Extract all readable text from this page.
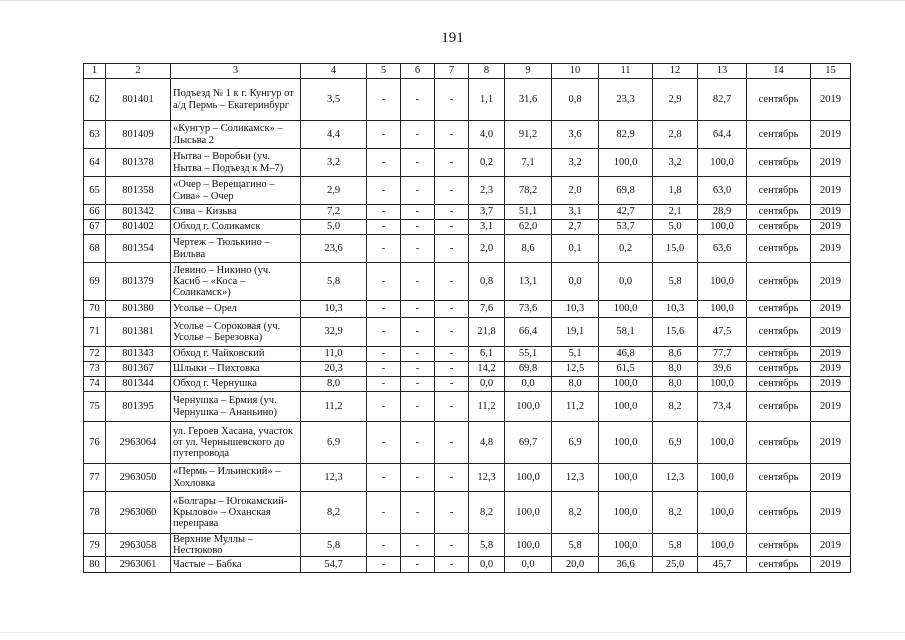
191
1	2	3	4	5	6	7	8	9	10	11	12	13	14	15
62	801401	Подъезд № 1 к г. Кунгур от а/д Пермь – Екатеринбург	3,5	-	-	-	1,1	31,6	0,8	23,3	2,9	82,7	сентябрь	2019
63	801409	«Кунгур – Соликамск» – Лысьва 2	4,4	-	-	-	4,0	91,2	3,6	82,9	2,8	64,4	сентябрь	2019
64	801378	Нытва – Воробьи (уч. Нытва – Подъезд к М–7)	3,2	-	-	-	0,2	7,1	3,2	100,0	3,2	100,0	сентябрь	2019
65	801358	«Очер – Верещагино – Сива» – Очер	2,9	-	-	-	2,3	78,2	2,0	69,8	1,8	63,0	сентябрь	2019
66	801342	Сива – Кизьва	7,2	-	-	-	3,7	51,1	3,1	42,7	2,1	28,9	сентябрь	2019
67	801402	Обход г. Соликамск	5,0	-	-	-	3,1	62,0	2,7	53,7	5,0	100,0	сентябрь	2019
68	801354	Чертеж – Тюлькино – Вильва	23,6	-	-	-	2,0	8,6	0,1	0,2	15,0	63,6	сентябрь	2019
69	801379	Левино – Никино (уч. Касиб – «Коса – Соликамск»)	5,8	-	-	-	0,8	13,1	0,0	0,0	5,8	100,0	сентябрь	2019
70	801380	Усолье – Орел	10,3	-	-	-	7,6	73,6	10,3	100,0	10,3	100,0	сентябрь	2019
71	801381	Усолье – Сороковая (уч. Усолье – Березовка)	32,9	-	-	-	21,8	66,4	19,1	58,1	15,6	47,5	сентябрь	2019
72	801343	Обход г. Чайковский	11,0	-	-	-	6,1	55,1	5,1	46,8	8,6	77,7	сентябрь	2019
73	801367	Шлыки – Пихтовка	20,3	-	-	-	14,2	69,8	12,5	61,5	8,0	39,6	сентябрь	2019
74	801344	Обход г. Чернушка	8,0	-	-	-	0,0	0,0	8,0	100,0	8,0	100,0	сентябрь	2019
75	801395	Чернушка – Ермия (уч. Чернушка – Ананьино)	11,2	-	-	-	11,2	100,0	11,2	100,0	8,2	73,4	сентябрь	2019
76	2963064	ул. Героев Хасана, участок от ул. Чернышевского до путепровода	6,9	-	-	-	4,8	69,7	6,9	100,0	6,9	100,0	сентябрь	2019
77	2963050	«Пермь – Ильинский» – Хохловка	12,3	-	-	-	12,3	100,0	12,3	100,0	12,3	100,0	сентябрь	2019
78	2963060	«Болгары – Югокамский-Крылово» – Оханская переправа	8,2	-	-	-	8,2	100,0	8,2	100,0	8,2	100,0	сентябрь	2019
79	2963058	Верхние Муллы – Нестюково	5,8	-	-	-	5,8	100,0	5,8	100,0	5,8	100,0	сентябрь	2019
80	2963061	Частые – Бабка	54,7	-	-	-	0,0	0,0	20,0	36,6	25,0	45,7	сентябрь	2019
